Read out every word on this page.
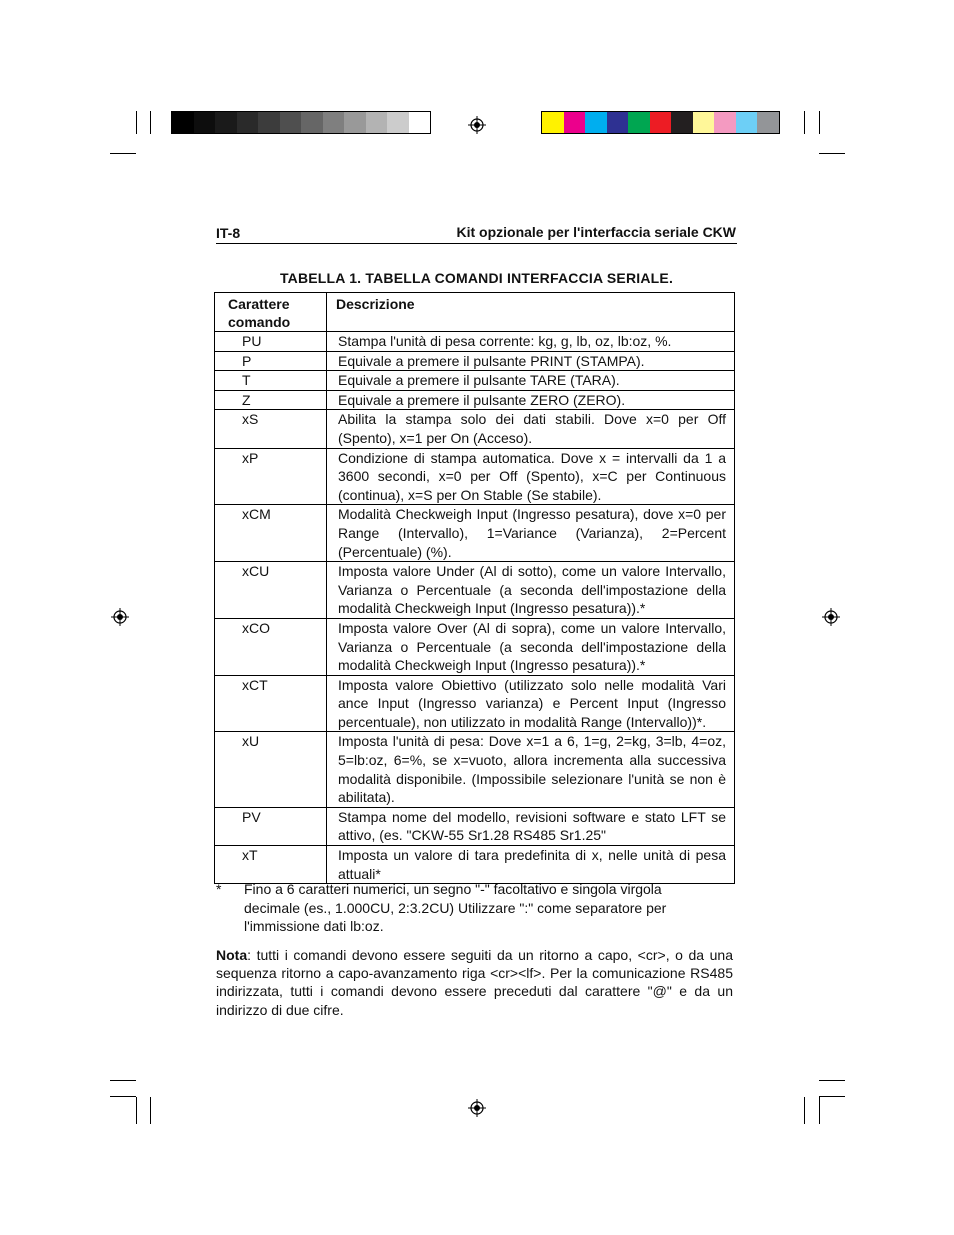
IT-8	Kit opzionale per l'interfaccia seriale CKW
TABELLA 1. TABELLA COMANDI INTERFACCIA SERIALE.
Carattere comando	Descrizione
PU	Stampa l'unità di pesa corrente: kg, g, lb, oz, lb:oz, %.
P	Equivale a premere il pulsante PRINT (STAMPA).
T	Equivale a premere il pulsante TARE (TARA).
Z	Equivale a premere il pulsante ZERO (ZERO).
xS	Abilita la stampa solo dei dati stabili. Dove x=0 per Off (Spento), x=1 per On (Acceso).
xP	Condizione di stampa automatica. Dove x = intervalli da 1 a 3600 secondi, x=0 per Off (Spento), x=C per Continuous (continua), x=S per On Stable (Se stabile).
xCM	Modalità Checkweigh Input (Ingresso pesatura), dove x=0 per Range (Intervallo), 1=Variance (Varianza), 2=Percent (Percentuale) (%).
xCU	Imposta valore Under (Al di sotto), come un valore Intervallo, Varianza o Percentuale (a seconda dell'impostazione della modalità Checkweigh Input (Ingresso pesatura)).*
xCO	Imposta valore Over (Al di sopra), come un valore Intervallo, Varianza o Percentuale (a seconda dell'impostazione della modalità Checkweigh Input (Ingresso pesatura)).*
xCT	Imposta valore Obiettivo (utilizzato solo nelle modalità Vari ance Input (Ingresso varianza) e Percent Input (Ingresso percentuale), non utilizzato in modalità Range (Intervallo))*.
xU	Imposta l'unità di pesa: Dove x=1 a 6, 1=g, 2=kg, 3=lb, 4=oz, 5=lb:oz, 6=%, se x=vuoto, allora incrementa alla successiva modalità disponibile. (Impossibile selezionare l'unità se non è abilitata).
PV	Stampa nome del modello, revisioni software e stato LFT se attivo, (es. "CKW-55 Sr1.28 RS485 Sr1.25"
xT	Imposta un valore di tara predefinita di x, nelle unità di pesa attuali*
* Fino a 6 caratteri numerici, un segno "-" facoltativo e singola virgola decimale (es., 1.000CU, 2:3.2CU) Utilizzare ":" come separatore per l'immissione dati lb:oz.
Nota: tutti i comandi devono essere seguiti da un ritorno a capo, <cr>, o da una sequenza ritorno a capo-avanzamento riga <cr><lf>. Per la comunicazione RS485 indirizzata, tutti i comandi devono essere preceduti dal carattere "@" e da un indirizzo di due cifre.
